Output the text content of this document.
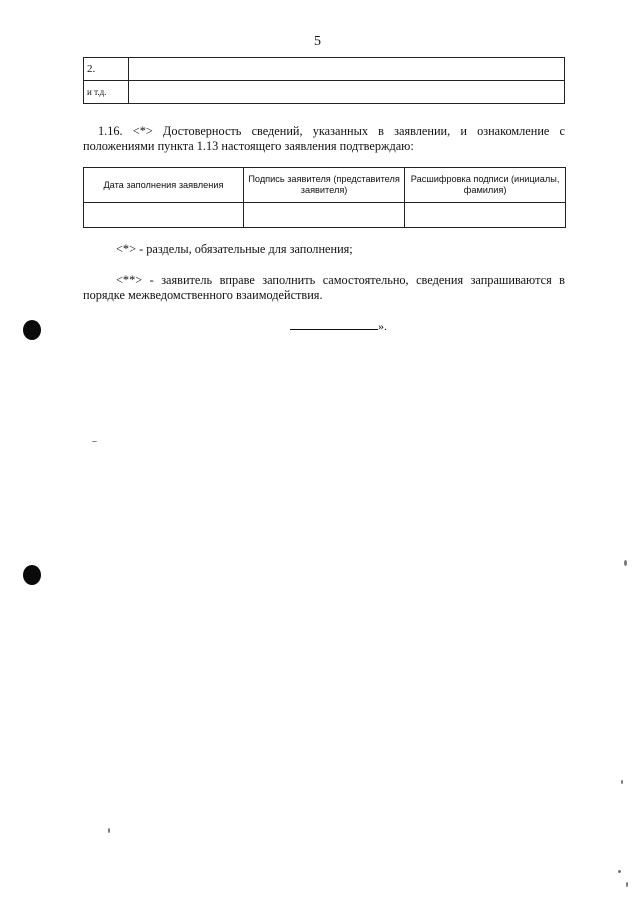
5
2.	
и т.д.	

1.16. <*> Достоверность сведений, указанных в заявлении, и ознакомление с положениями пункта 1.13 настоящего заявления подтверждаю:

Дата заполнения заявления	Подпись заявителя (представителя заявителя)	Расшифровка подписи (инициалы, фамилия)

<*> - разделы, обязательные для заполнения;

<**> - заявитель вправе заполнить самостоятельно, сведения запрашиваются в порядке межведомственного взаимодействия.

».
